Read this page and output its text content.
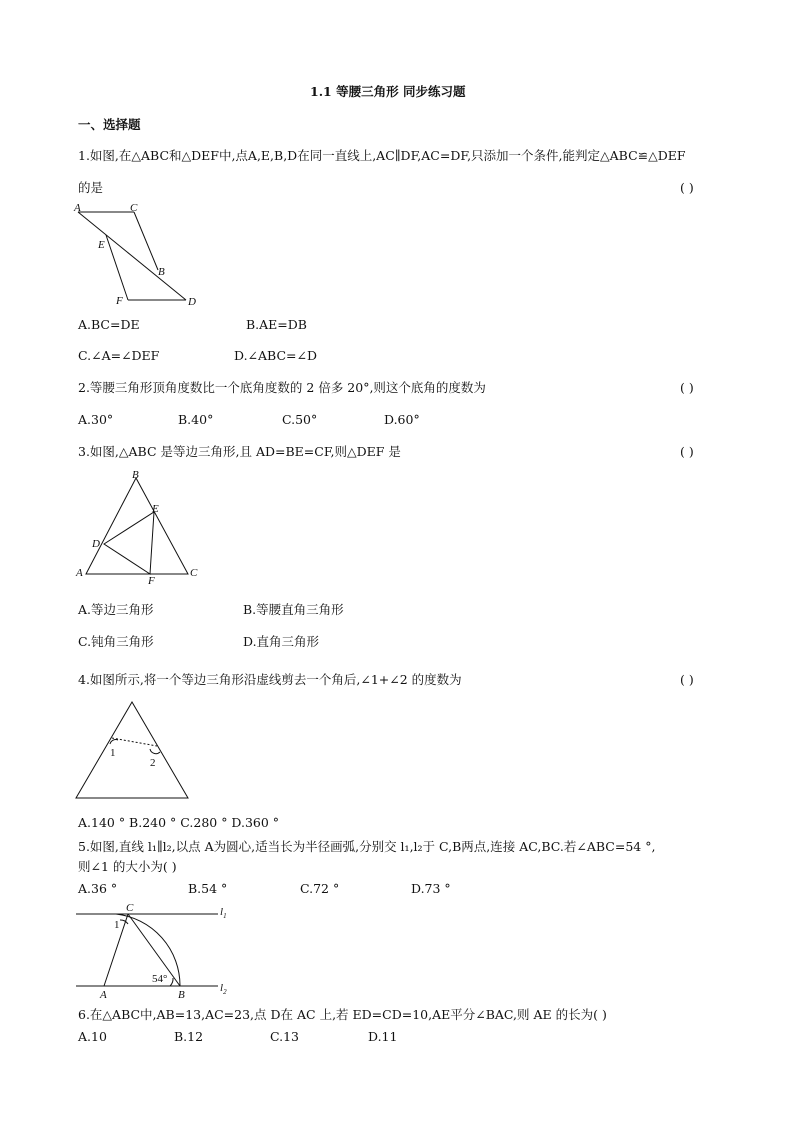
1.1 等腰三角形 同步练习题
一、选择题
1.如图,在△ABC和△DEF中,点A,E,B,D在同一直线上,AC∥DF,AC=DF,只添加一个条件,能判定△ABC≌△DEF
的是	( )
A	C
E
B
F	D
A.BC=DE	B.AE=DB
C.∠A=∠DEF	D.∠ABC=∠D
2.等腰三角形顶角度数比一个底角度数的 2 倍多 20°,则这个底角的度数为	( )
A.30°	B.40°	C.50°	D.60°
3.如图,△ABC 是等边三角形,且 AD=BE=CF,则△DEF 是	( )
B
A	C
D
E
F
A.等边三角形	B.等腰直角三角形
C.钝角三角形	D.直角三角形
4.如图所示,将一个等边三角形沿虚线剪去一个角后,∠1+∠2 的度数为	( )
1
2
A.140 ° B.240 ° C.280 ° D.360 °
5.如图,直线 l₁∥l₂,以点 A为圆心,适当长为半径画弧,分别交 l₁,l₂于 C,B两点,连接 AC,BC.若∠ABC=54 °,
则∠1 的大小为( )
A.36 °	B.54 °	C.72 °	D.73 °
C
1
$l_1$
$l_2$
54°
A	B
6.在△ABC中,AB=13,AC=23,点 D在 AC 上,若 ED=CD=10,AE平分∠BAC,则 AE 的长为( )
A.10	B.12	C.13	D.11
